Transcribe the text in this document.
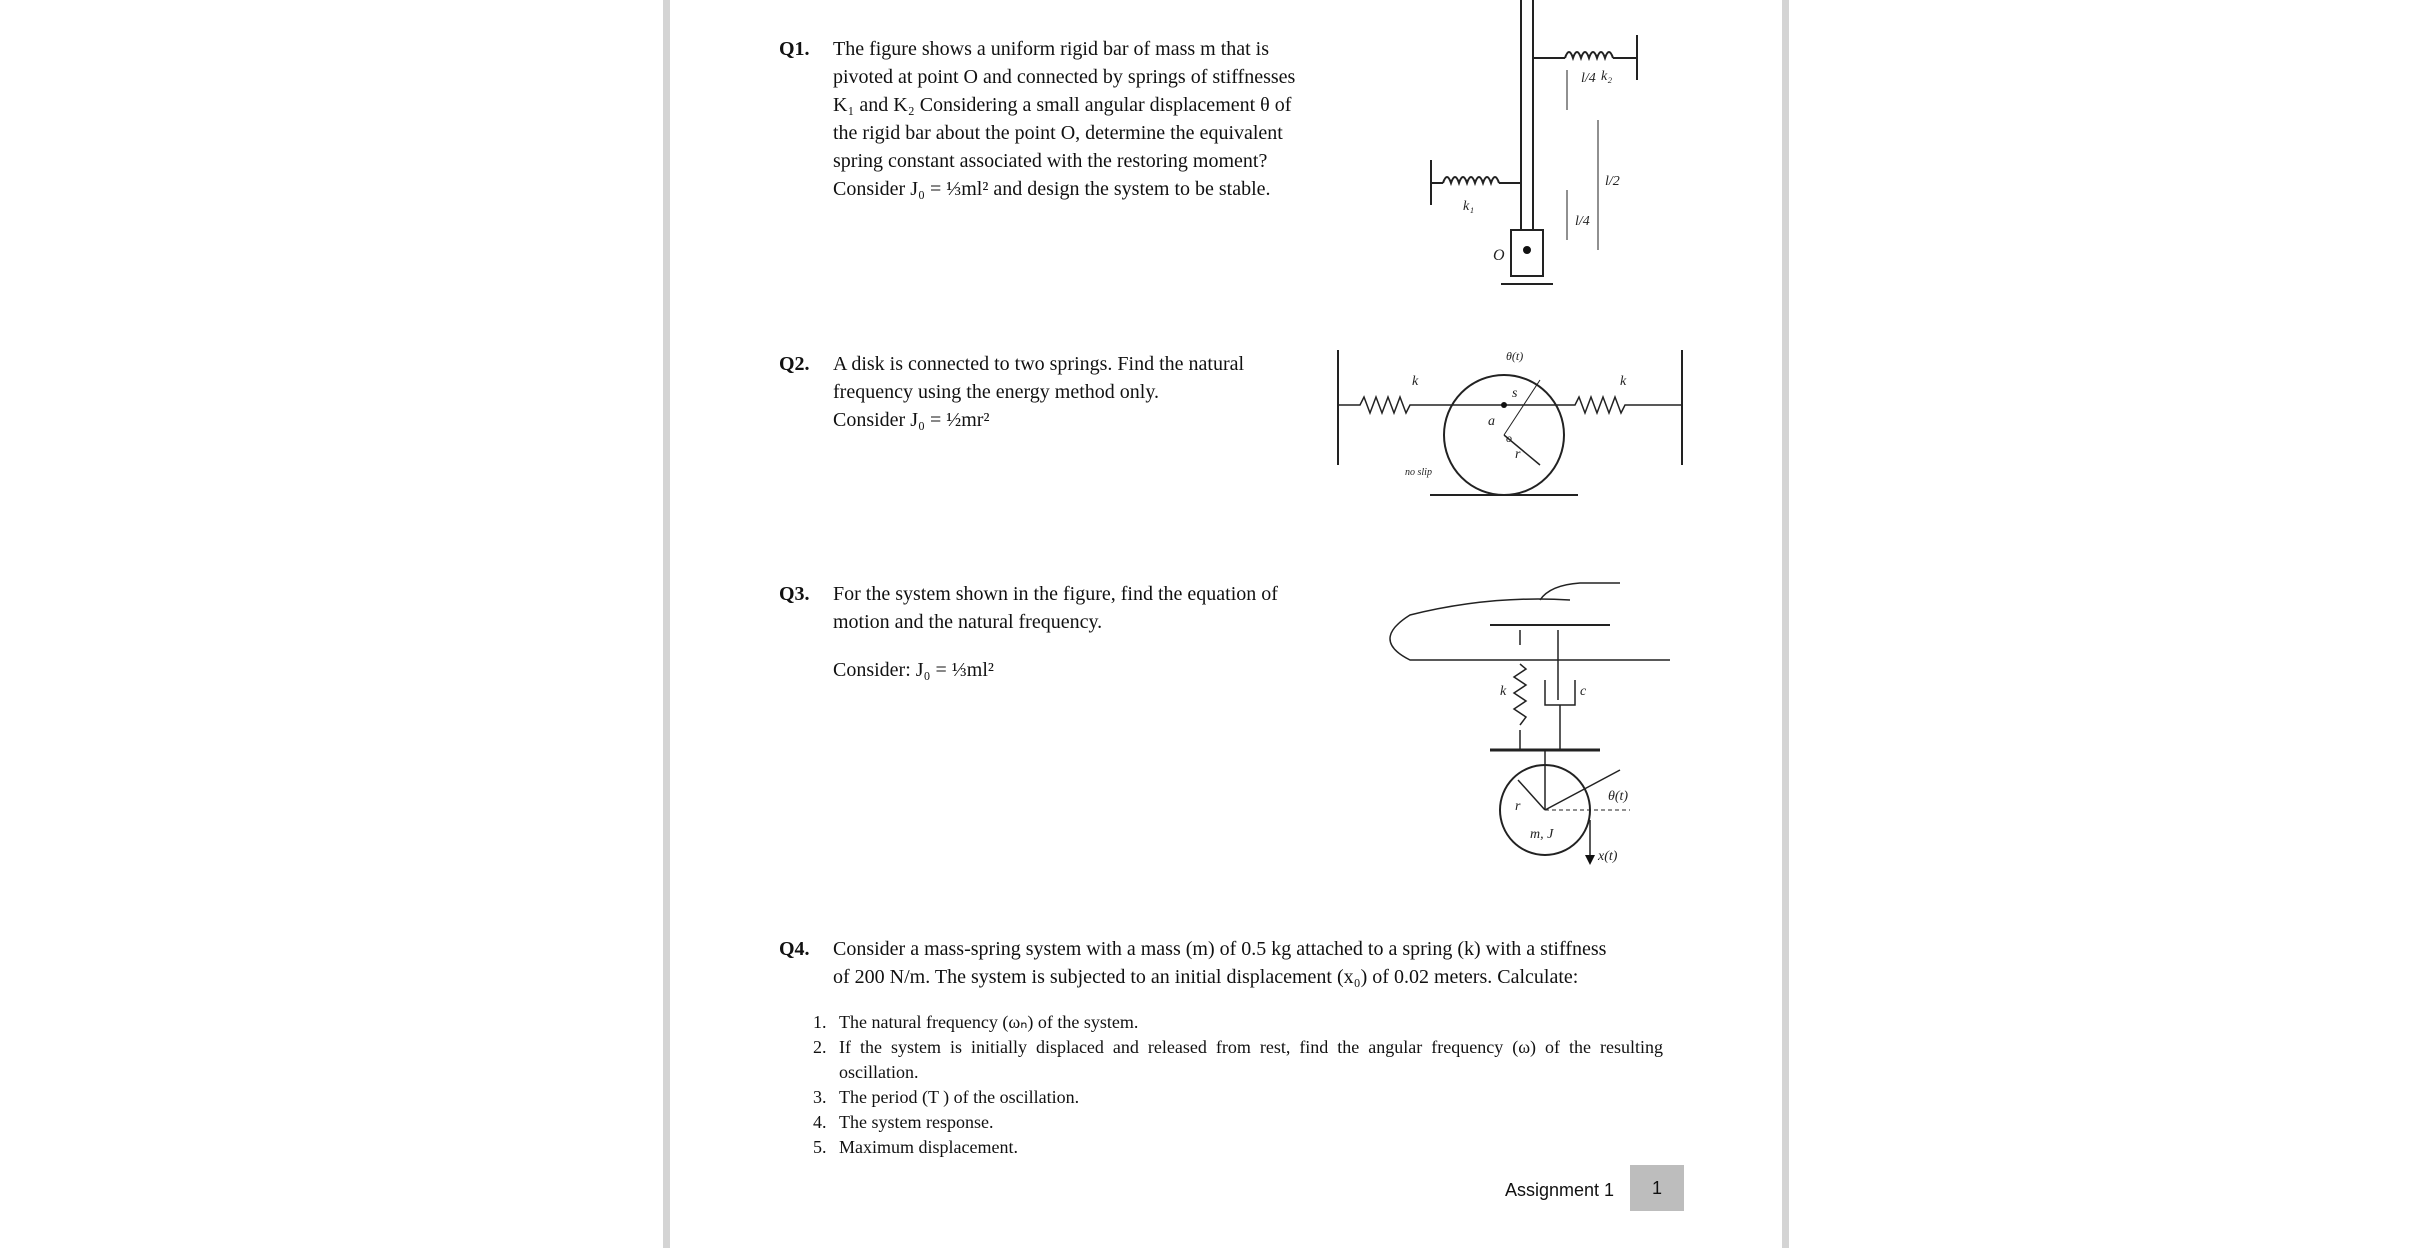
Q1. The figure shows a uniform rigid bar of mass m that is
pivoted at point O and connected by springs of stiffnesses
K₁ and K₂ Considering a small angular displacement θ of
the rigid bar about the point O, determine the equivalent
spring constant associated with the restoring moment?
Consider J₀ = ⅓ml² and design the system to be stable.
l/4 k₂
l/2
l/4
k₁
O
Q2. A disk is connected to two springs. Find the natural
frequency using the energy method only.
Consider J₀ = ½mr²
θ(t)
k	k
s
a
o
r
no slip
Q3. For the system shown in the figure, find the equation of
motion and the natural frequency.
Consider: J₀ = ⅓ml²
k	c
r
θ(t)
m, J
x(t)
Q4. Consider a mass-spring system with a mass (m) of 0.5 kg attached to a spring (k) with a stiffness
of 200 N/m. The system is subjected to an initial displacement (x₀) of 0.02 meters. Calculate:
1. The natural frequency (ωₙ) of the system.
2. If the system is initially displaced and released from rest, find the angular frequency (ω) of the resulting oscillation.
3. The period (T ) of the oscillation.
4. The system response.
5. Maximum displacement.
Assignment 1	1
